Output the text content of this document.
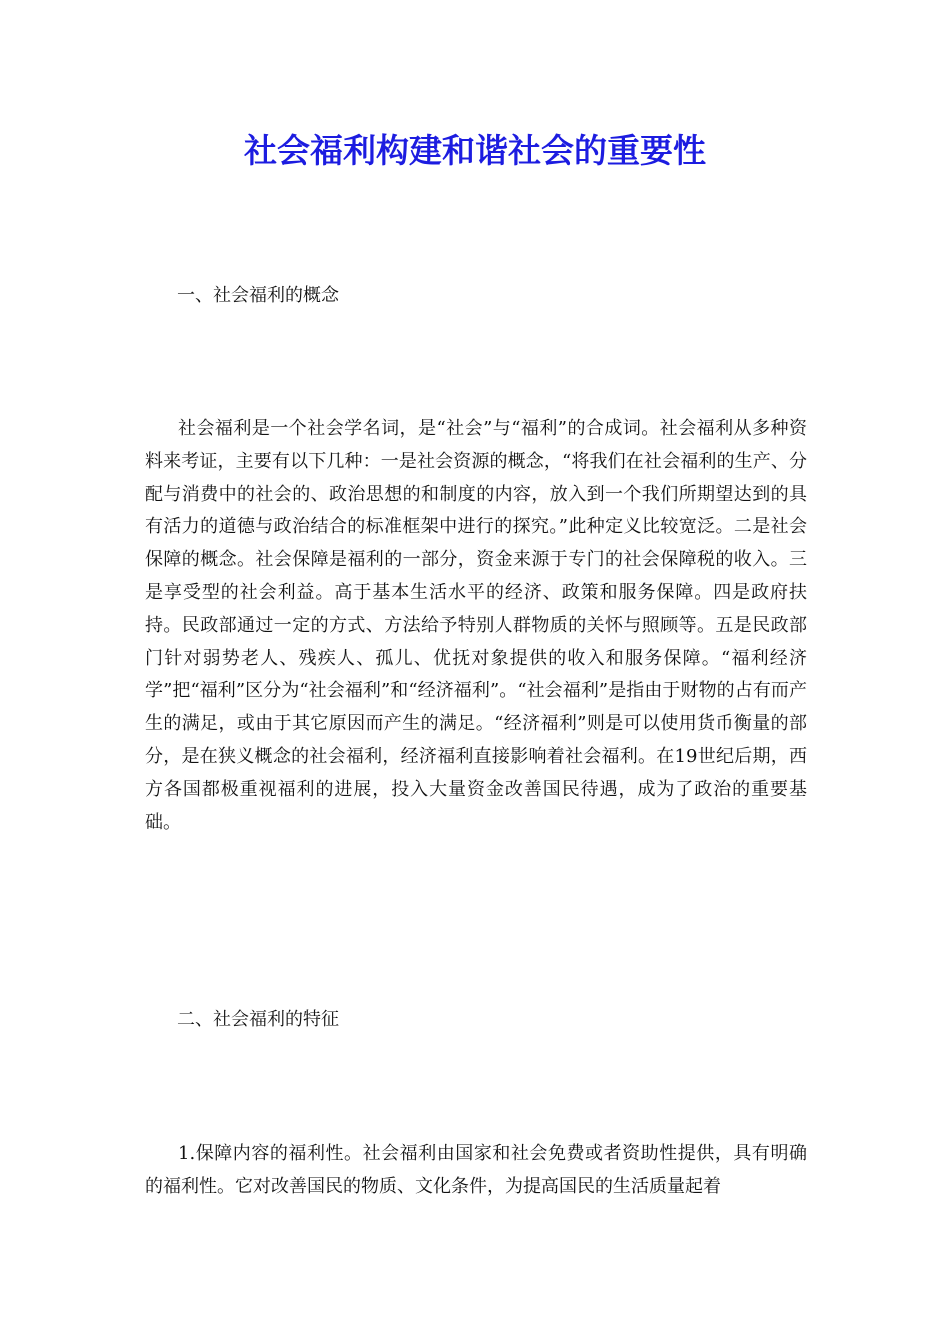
社会福利构建和谐社会的重要性

一、社会福利的概念

社会福利是一个社会学名词，是“社会”与“福利”的合成词。社会福利从多种资料来考证，主要有以下几种：一是社会资源的概念，“将我们在社会福利的生产、分配与消费中的社会的、政治思想的和制度的内容，放入到一个我们所期望达到的具有活力的道德与政治结合的标准框架中进行的探究。”此种定义比较宽泛。二是社会保障的概念。社会保障是福利的一部分，资金来源于专门的社会保障税的收入。三是享受型的社会利益。高于基本生活水平的经济、政策和服务保障。四是政府扶持。民政部通过一定的方式、方法给予特别人群物质的关怀与照顾等。五是民政部门针对弱势老人、残疾人、孤儿、优抚对象提供的收入和服务保障。“福利经济学”把“福利”区分为“社会福利”和“经济福利”。“社会福利”是指由于财物的占有而产生的满足，或由于其它原因而产生的满足。“经济福利”则是可以使用货币衡量的部分，是在狭义概念的社会福利，经济福利直接影响着社会福利。在19世纪后期，西方各国都极重视福利的进展，投入大量资金改善国民待遇，成为了政治的重要基础。

二、社会福利的特征

1.保障内容的福利性。社会福利由国家和社会免费或者资助性提供，具有明确的福利性。它对改善国民的物质、文化条件，为提高国民的生活质量起着
